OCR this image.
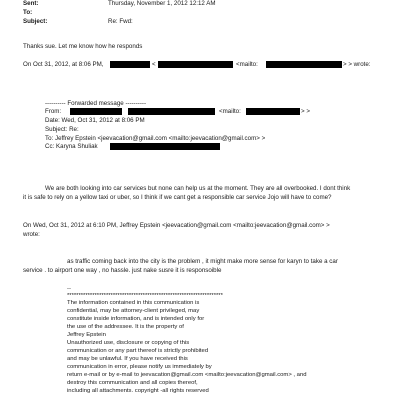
Sent:	Thursday, November 1, 2012 12:12 AM
To:
Subject:	Re: Fwd:
Thanks sue. Let me know how he responds
On Oct 31, 2012, at 8:06 PM,	<	<mailto:	> > wrote:
---------- Forwarded message ----------
From:	<mailto:	> >
Date: Wed, Oct 31, 2012 at 8:06 PM
Subject: Re:
To: Jeffrey Epstein <jeevacation@gmail.com <mailto:jeevacation@gmail.com> >
Cc: Karyna Shuliak
We are both looking into car services but none can help us at the moment. They are all overbooked. I dont think
it is safe to rely on a yellow taxi or uber, so I think if we cant get a responsible car service Jojo will have to come?
On Wed, Oct 31, 2012 at 6:10 PM, Jeffrey Epstein <jeevacation@gmail.com <mailto:jeevacation@gmail.com> >
wrote:
as traffic coming back into the city is the problem , it might make more sense for karyn to take a car
service . to airport one way , no hassle. just nake susre it is responsoible
--
********************************************************************
The information contained in this communication is
confidential, may be attorney-client privileged, may
constitute inside information, and is intended only for
the use of the addressee. It is the property of
Jeffrey Epstein
Unauthorized use, disclosure or copying of this
communication or any part thereof is strictly prohibited
and may be unlawful. If you have received this
communication in error, please notify us immediately by
return e-mail or by e-mail to jeevacation@gmail.com <mailto:jeevacation@gmail.com> , and
destroy this communication and all copies thereof,
including all attachments. copyright -all rights reserved
